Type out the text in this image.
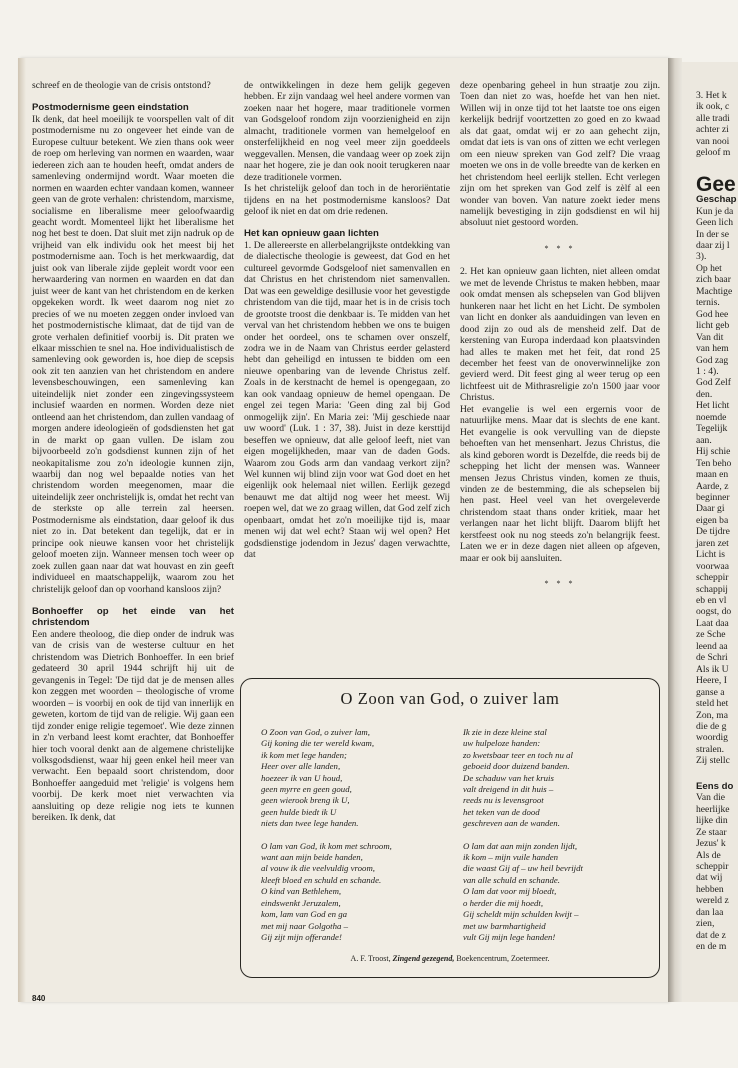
schreef en de theologie van de crisis ontstond?

Postmodernisme geen eindstation

Ik denk, dat heel moeilijk te voorspellen valt of dit postmodernisme nu zo ongeveer het einde van de Europese cultuur betekent. We zien thans ook weer de roep om herleving van normen en waarden, waar iedereen zich aan te houden heeft, omdat anders de samenleving ondermijnd wordt. Waar moeten die normen en waarden echter vandaan komen, wanneer geen van de grote verhalen: christendom, marxisme, socialisme en liberalisme meer geloofwaardig geacht wordt. Momenteel lijkt het liberalisme het nog het best te doen. Dat sluit met zijn nadruk op de vrijheid van elk individu ook het meest bij het postmodernisme aan. Toch is het merkwaardig, dat juist ook van liberale zijde gepleit wordt voor een herwaardering van normen en waarden en dat dan juist weer de kant van het christendom en de kerken opgekeken wordt. Ik weet daarom nog niet zo precies of we nu moeten zeggen onder invloed van het postmodernistische klimaat, dat de tijd van de grote verhalen definitief voorbij is. Dit praten we elkaar misschien te snel na. Hoe individualistisch de samenleving ook geworden is, hoe diep de scepsis ook zit ten aanzien van het christendom en andere levensbeschouwingen, een samenleving kan uiteindelijk niet zonder een zingevingssysteem inclusief waarden en normen. Worden deze niet ontleend aan het christendom, dan zullen vandaag of morgen andere ideologieën of godsdiensten het gat in de markt op gaan vullen. De islam zou bijvoorbeeld zo'n godsdienst kunnen zijn of het neokapitalisme zou zo'n ideologie kunnen zijn, waarbij dan nog wel bepaalde noties van het christendom worden meegenomen, maar die uiteindelijk zeer onchristelijk is, omdat het recht van de sterkste op alle terrein zal heersen. Postmodernisme als eindstation, daar geloof ik dus niet zo in. Dat betekent dan tegelijk, dat er in principe ook nieuwe kansen voor het christelijk geloof moeten zijn. Wanneer mensen toch weer op zoek zullen gaan naar dat wat houvast en zin geeft individueel en maatschappelijk, waarom zou het christelijk geloof dan op voorhand kansloos zijn?

Bonhoeffer op het einde van het christendom

Een andere theoloog, die diep onder de indruk was van de crisis van de westerse cultuur en het christendom was Dietrich Bonhoeffer. In een brief gedateerd 30 april 1944 schrijft hij uit de gevangenis in Tegel: 'De tijd dat je de mensen alles kon zeggen met woorden – theologische of vrome woorden – is voorbij en ook de tijd van innerlijk en geweten, kortom de tijd van de religie. Wij gaan een tijd zonder enige religie tegemoet'. Wie deze zinnen in z'n verband leest komt erachter, dat Bonhoeffer hier toch vooral denkt aan de algemene christelijke volksgodsdienst, waar hij geen enkel heil meer van verwacht. Een bepaald soort christendom, door Bonhoeffer aangeduid met 'religie' is volgens hem voorbij. De kerk moet niet verwachten via aansluiting op deze religie nog iets te kunnen bereiken. Ik denk, dat

de ontwikkelingen in deze hem gelijk gegeven hebben. Er zijn vandaag wel heel andere vormen van zoeken naar het hogere, maar traditionele vormen van Godsgeloof rondom zijn voorzienigheid en zijn almacht, traditionele vormen van hemelgeloof en onsterfelijkheid en nog veel meer zijn goeddeels weggevallen. Mensen, die vandaag weer op zoek zijn naar het hogere, zie je dan ook nooit terugkeren naar deze traditionele vormen.

Is het christelijk geloof dan toch in de heroriëntatie tijdens en na het postmodernisme kansloos? Dat geloof ik niet en dat om drie redenen.

Het kan opnieuw gaan lichten

1. De allereerste en allerbelangrijkste ontdekking van de dialectische theologie is geweest, dat God en het cultureel gevormde Godsgeloof niet samenvallen en dat Christus en het christendom niet samenvallen. Dat was een geweldige desillusie voor het gevestigde christendom van die tijd, maar het is in de crisis toch de grootste troost die denkbaar is. Te midden van het verval van het christendom hebben we ons te buigen onder het oordeel, ons te schamen over onszelf, zodra we in de Naam van Christus eerder gelasterd hebt dan geheiligd en intussen te bidden om een nieuwe openbaring van de levende Christus zelf. Zoals in de kerstnacht de hemel is opengegaan, zo kan ook vandaag opnieuw de hemel opengaan. De engel zei tegen Maria: 'Geen ding zal bij God onmogelijk zijn'. En Maria zei: 'Mij geschiede naar uw woord' (Luk. 1 : 37, 38). Juist in deze kersttijd beseffen we opnieuw, dat alle geloof leeft, niet van eigen mogelijkheden, maar van de daden Gods. Waarom zou Gods arm dan vandaag verkort zijn? Wel kunnen wij blind zijn voor wat God doet en het eigenlijk ook helemaal niet willen. Eerlijk gezegd benauwt me dat altijd nog weer het meest. Wij roepen wel, dat we zo graag willen, dat God zelf zich openbaart, omdat het zo'n moeilijke tijd is, maar menen wij dat wel echt? Staan wij wel open? Het godsdienstige jodendom in Jezus' dagen verwachtte, dat

deze openbaring geheel in hun straatje zou zijn. Toen dan niet zo was, hoefde het van hen niet. Willen wij in onze tijd tot het laatste toe ons eigen kerkelijk bedrijf voortzetten zo goed en zo kwaad als dat gaat, omdat wij er zo aan gehecht zijn, omdat dat iets is van ons of zitten we echt verlegen om een nieuw spreken van God zelf? Die vraag moeten we ons in de volle breedte van de kerken en het christendom heel eerlijk stellen. Echt verlegen zijn om het spreken van God zelf is zèlf al een wonder van boven. Van nature zoekt ieder mens namelijk bevestiging in zijn godsdienst en wil hij absoluut niet gestoord worden.

* * *

2. Het kan opnieuw gaan lichten, niet alleen omdat we met de levende Christus te maken hebben, maar ook omdat mensen als schepselen van God blijven hunkeren naar het licht en het Licht. De symbolen van licht en donker als aanduidingen van leven en dood zijn zo oud als de mensheid zelf. Dat de kerstening van Europa inderdaad kon plaatsvinden had alles te maken met het feit, dat rond 25 december het feest van de onoverwinnelijke zon gevierd werd. Dit feest ging al weer terug op een lichtfeest uit de Mithrasreligie zo'n 1500 jaar voor Christus.

Het evangelie is wel een ergernis voor de natuurlijke mens. Maar dat is slechts de ene kant. Het evangelie is ook vervulling van de diepste behoeften van het mensenhart. Jezus Christus, die als kind geboren wordt is Dezelfde, die reeds bij de schepping het licht der mensen was. Wanneer mensen Jezus Christus vinden, komen ze thuis, vinden ze de bestemming, die als schepselen bij hen past. Heel veel van het overgeleverde christendom staat thans onder kritiek, maar het verlangen naar het licht blijft. Daarom blijft het kerstfeest ook nu nog steeds zo'n belangrijk feest. Laten we er in deze dagen niet alleen op afgeven, maar er ook bij aansluiten.

* * *
O Zoon van God, o zuiver lam
O Zoon van God, o zuiver lam,
Gij koning die ter wereld kwam,
ik kom met lege handen;
Heer over alle landen,
hoezeer ik van U houd,
geen myrre en geen goud,
geen wierook breng ik U,
geen hulde biedt ik U
niets dan twee lege handen.
O lam van God, ik kom met schroom,
want aan mijn beide handen,
al vouw ik die veelvuldig vroom,
kleeft bloed en schuld en schande.
O kind van Bethlehem,
eindswenkt Jeruzalem,
kom, lam van God en ga
met mij naar Golgotha –
Gij zijt mijn offerande!
Ik zie in deze kleine stal
uw hulpeloze handen:
zo kwetsbaar teer en toch nu al
geboeid door duizend banden.
De schaduw van het kruis
valt dreigend in dit huis –
reeds nu is levensgroot
het teken van de dood
geschreven aan de wanden.
O lam dat aan mijn zonden lijdt,
ik kom – mijn vuile handen
die waast Gij af – uw heil bevrijdt
van alle schuld en schande.
O lam dat voor mij bloedt,
o herder die mij hoedt,
Gij scheldt mijn schulden kwijt –
met uw barmhartigheid
vult Gij mijn lege handen!
A. F. Troost, Zingend gezegend, Boekencentrum, Zoetermeer.
840
3. Het k
ik ook, c
alle tradi
achter zi
van nooi
geloof m
Gee
Geschap
Kun je da
Geen lich
In der se
daar zij l
3).
Op het
zich baar
Machtige
ternis.
God hee
licht geb
Van dit
van hem
God zag
1 : 4).
God Zelf
den.
Het licht
noemde
Tegelijk
aan.
Hij schie
Ten beho
maan en
Aarde, z
beginner
Daar gi
eigen ba
De tijdre
jaren zet
Licht is
voorwaa
scheppir
schappij
eb en vl
oogst, do
Laat daa
ze Sche
leend aa
de Schri
Als ik U
Heere, I
ganse a
steld het
Zon, ma
die de g
woordig
stralen.
Zij stellc
Eens do
Van die
heerlijke
lijke din
Ze staar
Jezus' k
Als de
scheppir
dat wij
hebben
wereld z
dan laa
zien,
dat de z
en de m
